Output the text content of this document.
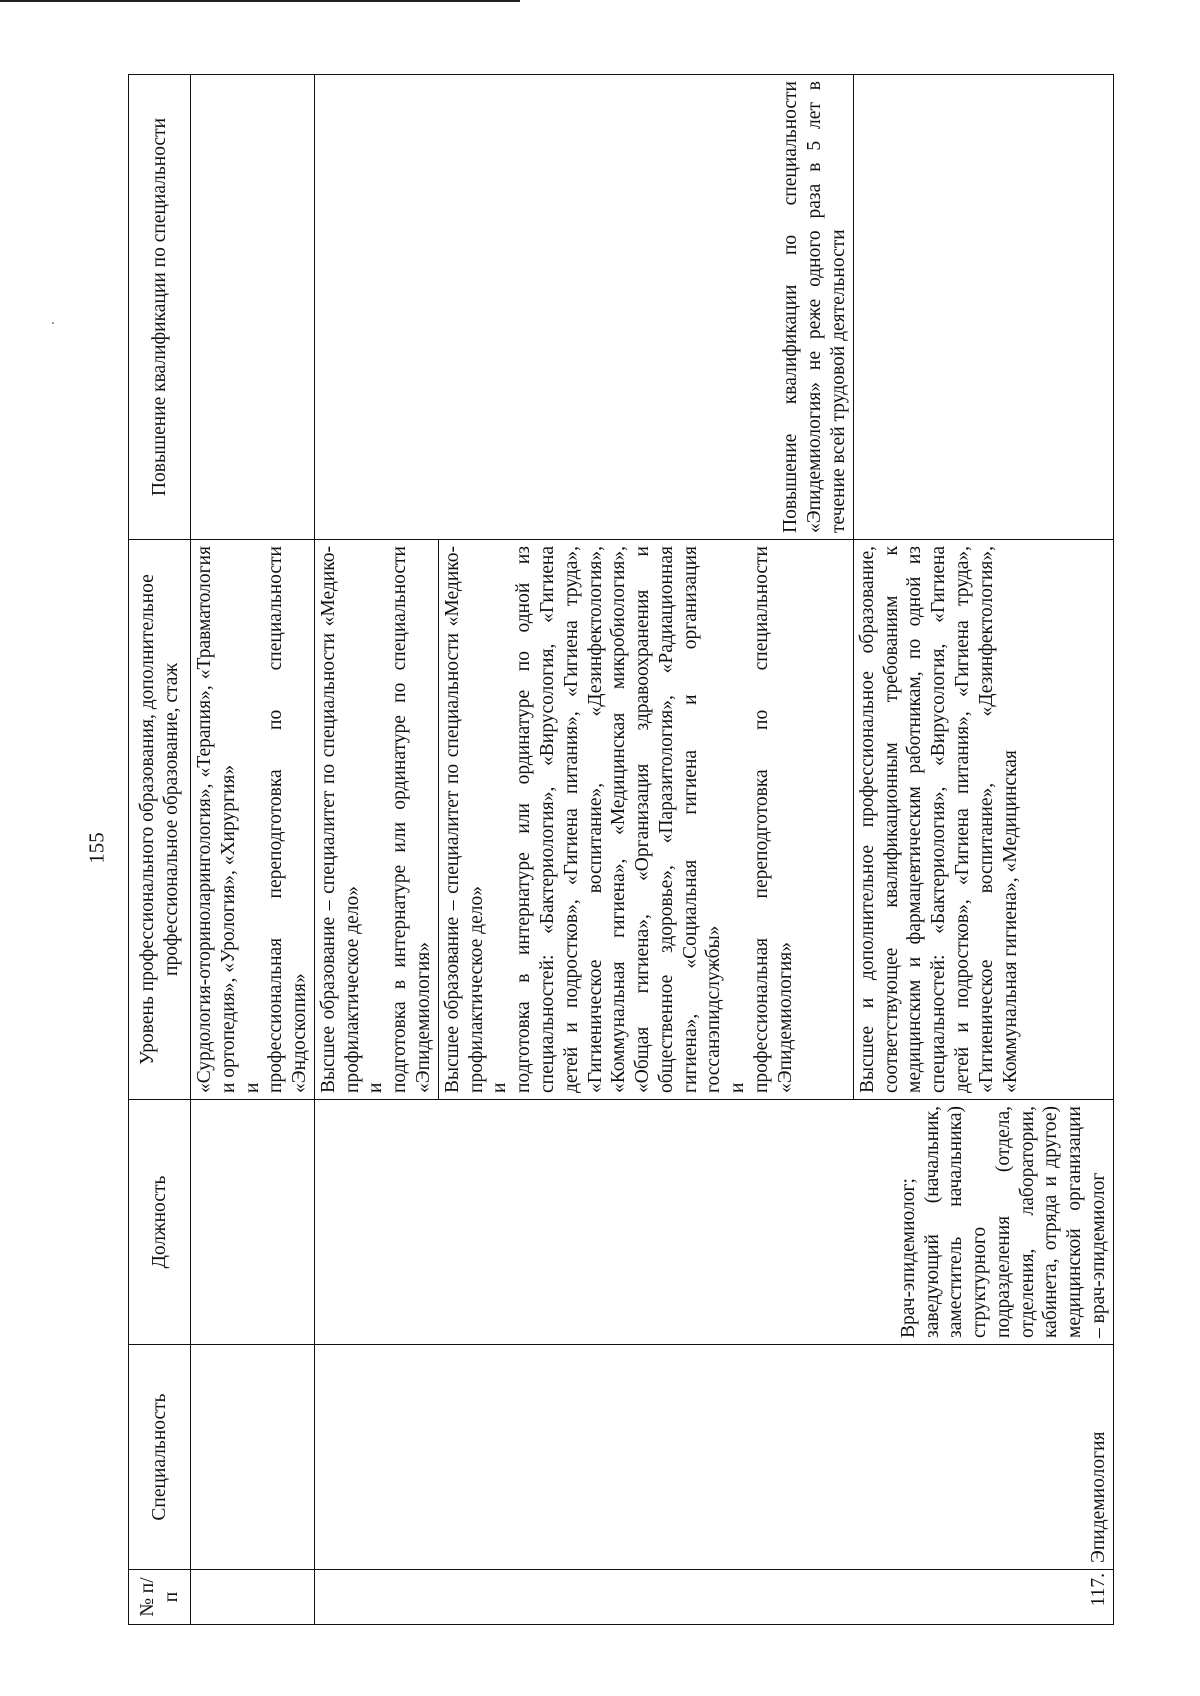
155
№ п/п	Специальность	Должность	Уровень профессионального образования, дополнительное профессиональное образование, стаж	Повышение квалификации по специальности

			«Сурдология-оториноларингология», «Терапия», «Травматология и ортопедия», «Урология», «Хирургия» и профессиональная переподготовка по специальности «Эндоскопия»	

117.	Эпидемиология	Врач-эпидемиолог; заведующий (начальник, заместитель начальника) структурного подразделения (отдела, отделения, лаборатории, кабинета, отряда и другое) медицинской организации – врач-эпидемиолог	Высшее образование – специалитет по специальности «Медико-профилактическое дело» и подготовка в интернатуре или ординатуре по специальности «Эпидемиология»	Повышение квалификации по специальности «Эпидемиология» не реже одного раза в 5 лет в течение всей трудовой деятельности

			Высшее образование – специалитет по специальности «Медико-профилактическое дело» и подготовка в интернатуре или ординатуре по одной из специальностей: «Бактериология», «Вирусология, «Гигиена детей и подростков», «Гигиена питания», «Гигиена труда», «Гигиеническое воспитание», «Дезинфектология», «Коммунальная гигиена», «Медицинская микробиология», «Общая гигиена», «Организация здравоохранения и общественное здоровье», «Паразитология», «Радиационная гигиена», «Социальная гигиена и организация госсанэпидслужбы» и профессиональная переподготовка по специальности «Эпидемиология»	

			Высшее и дополнительное профессиональное образование, соответствующее квалификационным требованиям к медицинским и фармацевтическим работникам, по одной из специальностей: «Бактериология», «Вирусология, «Гигиена детей и подростков», «Гигиена питания», «Гигиена труда», «Гигиеническое воспитание», «Дезинфектология», «Коммунальная гигиена», «Медицинская	
